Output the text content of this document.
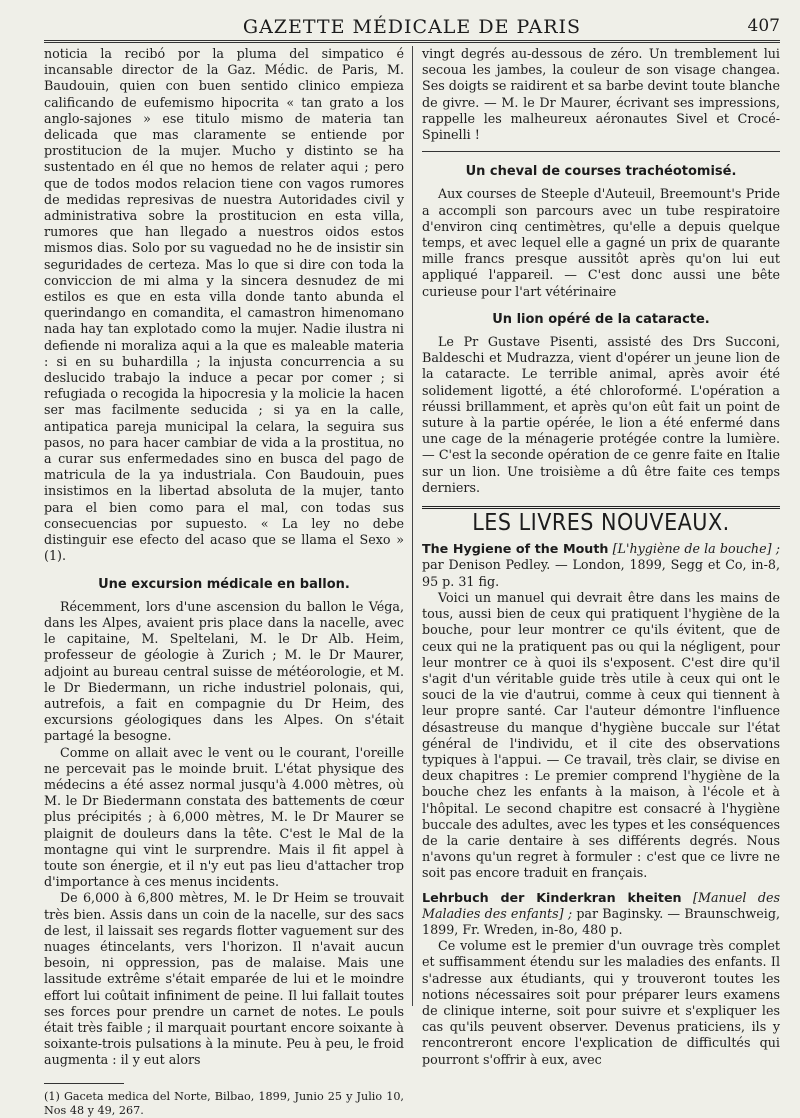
GAZETTE MÉDICALE DE PARIS	407

noticia la recibó por la pluma del simpatico é incansable director de la Gaz. Médic. de Paris, M. Baudouin, quien con buen sentido clinico empieza calificando de eufemismo hipocrita « tan grato a los anglo-sajones » ese titulo mismo de materia tan delicada que mas claramente se entiende por prostitucion de la mujer. Mucho y distinto se ha sustentado en él que no hemos de relater aqui ; pero que de todos modos relacion tiene con vagos rumores de medidas represivas de nuestra Autoridades civil y administrativa sobre la prostitucion en esta villa, rumores que han llegado a nuestros oidos estos mismos dias. Solo por su vaguedad no he de insistir sin seguridades de certeza. Mas lo que si dire con toda la conviccion de mi alma y la sincera desnudez de mi estilos es que en esta villa donde tanto abunda el querindango en comandita, el camastron himenomano nada hay tan explotado como la mujer. Nadie ilustra ni defiende ni moraliza aqui a la que es maleable materia : si en su buhardilla ; la injusta concurrencia a su deslucido trabajo la induce a pecar por comer ; si refugiada o recogida la hipocresia y la molicie la hacen ser mas facilmente seducida ; si ya en la calle, antipatica pareja municipal la celara, la seguira sus pasos, no para hacer cambiar de vida a la prostitua, no a curar sus enfermedades sino en busca del pago de matricula de la ya industriala. Con Baudouin, pues insistimos en la libertad absoluta de la mujer, tanto para el bien como para el mal, con todas sus consecuencias por supuesto. « La ley no debe distinguir ese efecto del acaso que se llama el Sexo » (1).

Une excursion médicale en ballon.

Récemment, lors d'une ascension du ballon le Véga, dans les Alpes, avaient pris place dans la nacelle, avec le capitaine, M. Speltelani, M. le Dr Alb. Heim, professeur de géologie à Zurich ; M. le Dr Maurer, adjoint au bureau central suisse de météorologie, et M. le Dr Biedermann, un riche industriel polonais, qui, autrefois, a fait en compagnie du Dr Heim, des excursions géologiques dans les Alpes. On s'était partagé la besogne.

Comme on allait avec le vent ou le courant, l'oreille ne percevait pas le moinde bruit. L'état physique des médecins a été assez normal jusqu'à 4.000 mètres, où M. le Dr Biedermann constata des battements de cœur plus précipités ; à 6,000 mètres, M. le Dr Maurer se plaignit de douleurs dans la tête. C'est le Mal de la montagne qui vint le surprendre. Mais il fit appel à toute son énergie, et il n'y eut pas lieu d'attacher trop d'importance à ces menus incidents.

De 6,000 à 6,800 mètres, M. le Dr Heim se trouvait très bien. Assis dans un coin de la nacelle, sur des sacs de lest, il laissait ses regards flotter vaguement sur des nuages étincelants, vers l'horizon. Il n'avait aucun besoin, ni oppression, pas de malaise. Mais une lassitude extrême s'était emparée de lui et le moindre effort lui coûtait infiniment de peine. Il lui fallait toutes ses forces pour prendre un carnet de notes. Le pouls était très faible ; il marquait pourtant encore soixante à soixante-trois pulsations à la minute. Peu à peu, le froid augmenta : il y eut alors

(1) Gaceta medica del Norte, Bilbao, 1899, Junio 25 y Julio 10, Nos 48 y 49, 267.

vingt degrés au-dessous de zéro. Un tremblement lui secoua les jambes, la couleur de son visage changea. Ses doigts se raidirent et sa barbe devint toute blanche de givre. — M. le Dr Maurer, écrivant ses impressions, rappelle les malheureux aéronautes Sivel et Crocé-Spinelli !

Un cheval de courses trachéotomisé.

Aux courses de Steeple d'Auteuil, Breemount's Pride a accompli son parcours avec un tube respiratoire d'environ cinq centimètres, qu'elle a depuis quelque temps, et avec lequel elle a gagné un prix de quarante mille francs presque aussitôt après qu'on lui eut appliqué l'appareil. — C'est donc aussi une bête curieuse pour l'art vétérinaire

Un lion opéré de la cataracte.

Le Pr Gustave Pisenti, assisté des Drs Succoni, Baldeschi et Mudrazza, vient d'opérer un jeune lion de la cataracte. Le terrible animal, après avoir été solidement ligotté, a été chloroformé. L'opération a réussi brillamment, et après qu'on eût fait un point de suture à la partie opérée, le lion a été enfermé dans une cage de la ménagerie protégée contre la lumière. — C'est la seconde opération de ce genre faite en Italie sur un lion. Une troisième a dû être faite ces temps derniers.

LES LIVRES NOUVEAUX.

The Hygiene of the Mouth [L'hygiène de la bouche] ; par Denison Pedley. — London, 1899, Segg et Co, in-8, 95 p. 31 fig.

Voici un manuel qui devrait être dans les mains de tous, aussi bien de ceux qui pratiquent l'hygiène de la bouche, pour leur montrer ce qu'ils évitent, que de ceux qui ne la pratiquent pas ou qui la négligent, pour leur montrer ce à quoi ils s'exposent. C'est dire qu'il s'agit d'un véritable guide très utile à ceux qui ont le souci de la vie d'autrui, comme à ceux qui tiennent à leur propre santé. Car l'auteur démontre l'influence désastreuse du manque d'hygiène buccale sur l'état général de l'individu, et il cite des observations typiques à l'appui. — Ce travail, très clair, se divise en deux chapitres : Le premier comprend l'hygiène de la bouche chez les enfants à la maison, à l'école et à l'hôpital. Le second chapitre est consacré à l'hygiène buccale des adultes, avec les types et les conséquences de la carie dentaire à ses différents degrés. Nous n'avons qu'un regret à formuler : c'est que ce livre ne soit pas encore traduit en français.

Lehrbuch der Kinderkran kheiten [Manuel des Maladies des enfants] ; par Baginsky. — Braunschweig, 1899, Fr. Wreden, in-8o, 480 p.

Ce volume est le premier d'un ouvrage très complet et suffisamment étendu sur les maladies des enfants. Il s'adresse aux étudiants, qui y trouveront toutes les notions nécessaires soit pour préparer leurs examens de clinique interne, soit pour suivre et s'expliquer les cas qu'ils peuvent observer. Devenus praticiens, ils y rencontreront encore l'explication de difficultés qui pourront s'offrir à eux, avec
